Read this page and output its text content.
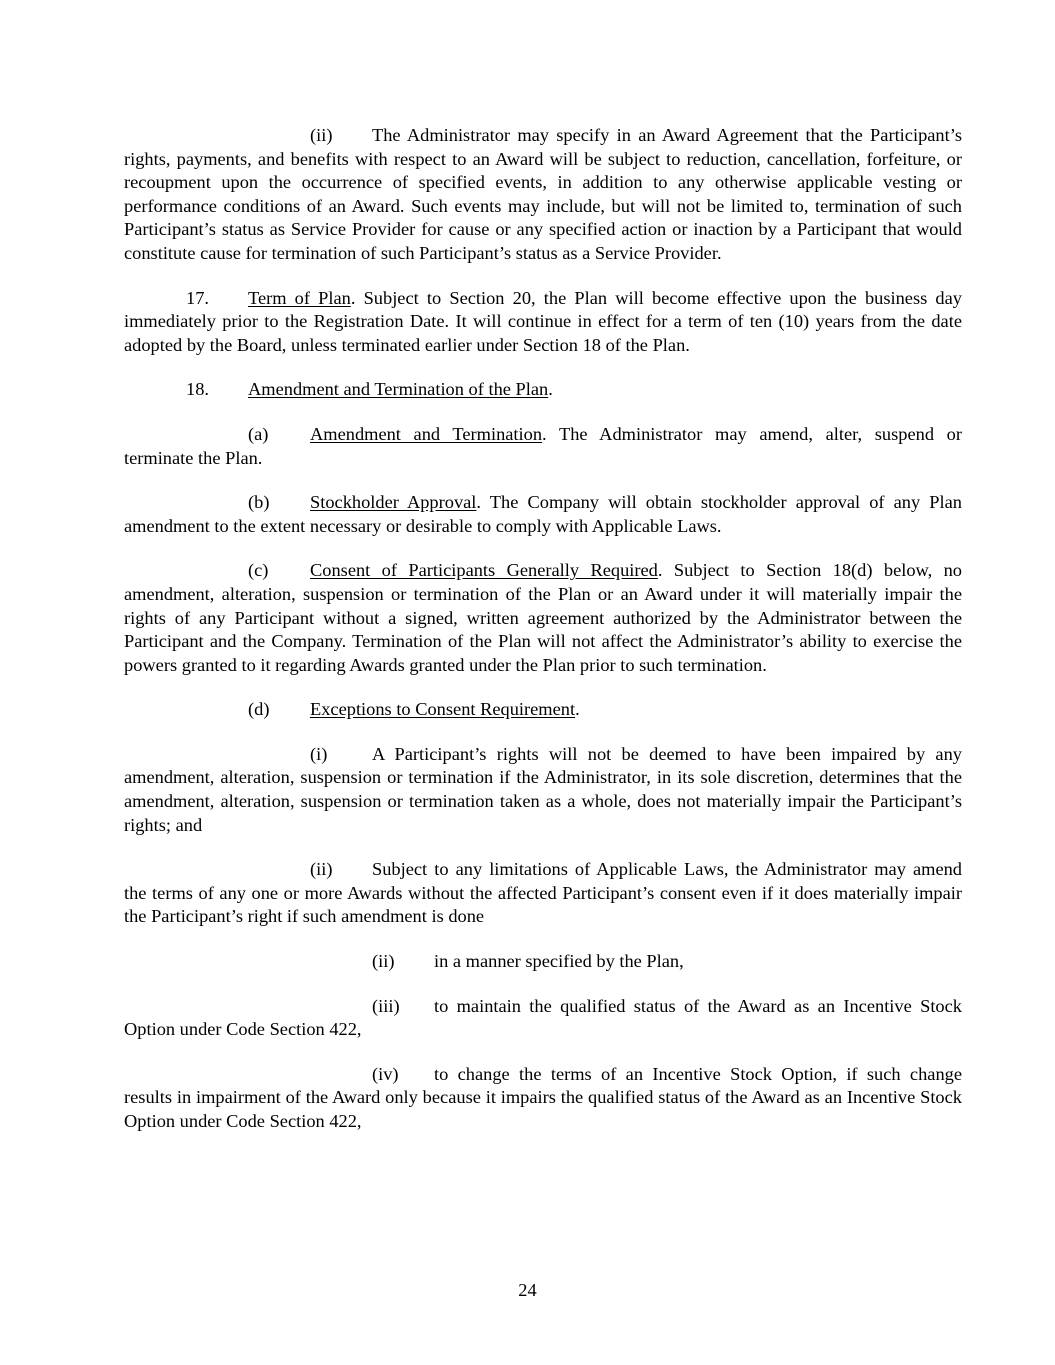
(ii) The Administrator may specify in an Award Agreement that the Participant’s rights, payments, and benefits with respect to an Award will be subject to reduction, cancellation, forfeiture, or recoupment upon the occurrence of specified events, in addition to any otherwise applicable vesting or performance conditions of an Award. Such events may include, but will not be limited to, termination of such Participant’s status as Service Provider for cause or any specified action or inaction by a Participant that would constitute cause for termination of such Participant’s status as a Service Provider.

17. Term of Plan. Subject to Section 20, the Plan will become effective upon the business day immediately prior to the Registration Date. It will continue in effect for a term of ten (10) years from the date adopted by the Board, unless terminated earlier under Section 18 of the Plan.

18. Amendment and Termination of the Plan.

(a) Amendment and Termination. The Administrator may amend, alter, suspend or terminate the Plan.

(b) Stockholder Approval. The Company will obtain stockholder approval of any Plan amendment to the extent necessary or desirable to comply with Applicable Laws.

(c) Consent of Participants Generally Required. Subject to Section 18(d) below, no amendment, alteration, suspension or termination of the Plan or an Award under it will materially impair the rights of any Participant without a signed, written agreement authorized by the Administrator between the Participant and the Company. Termination of the Plan will not affect the Administrator’s ability to exercise the powers granted to it regarding Awards granted under the Plan prior to such termination.

(d) Exceptions to Consent Requirement.

(i) A Participant’s rights will not be deemed to have been impaired by any amendment, alteration, suspension or termination if the Administrator, in its sole discretion, determines that the amendment, alteration, suspension or termination taken as a whole, does not materially impair the Participant’s rights; and

(ii) Subject to any limitations of Applicable Laws, the Administrator may amend the terms of any one or more Awards without the affected Participant’s consent even if it does materially impair the Participant’s right if such amendment is done

(ii) in a manner specified by the Plan,

(iii) to maintain the qualified status of the Award as an Incentive Stock Option under Code Section 422,

(iv) to change the terms of an Incentive Stock Option, if such change results in impairment of the Award only because it impairs the qualified status of the Award as an Incentive Stock Option under Code Section 422,

24
